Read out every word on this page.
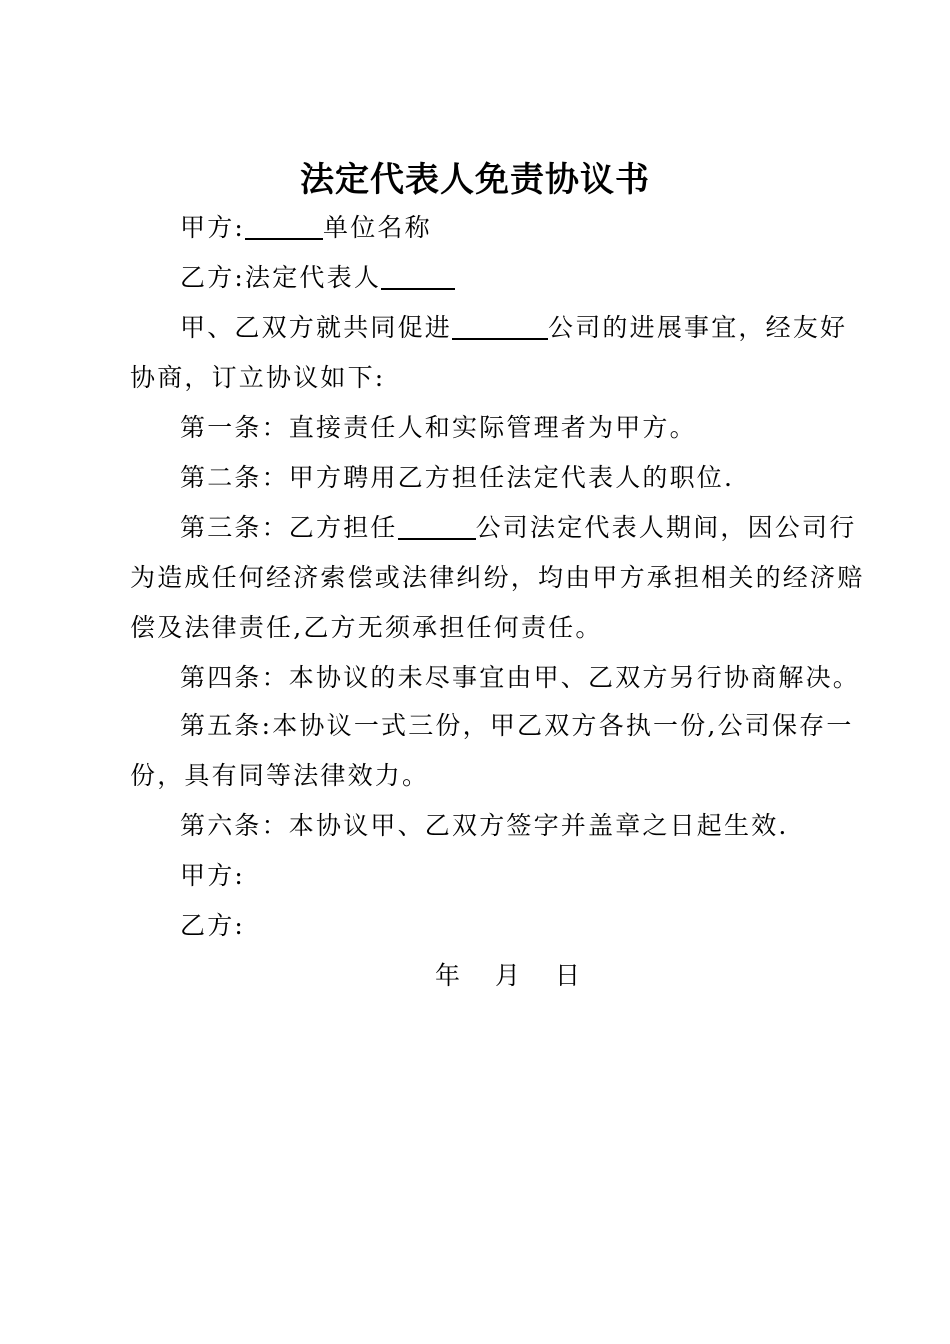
法定代表人免责协议书
甲方:	单位名称
乙方:法定代表人
甲、乙双方就共同促进	公司的进展事宜，经友好
协商，订立协议如下:
第一条：直接责任人和实际管理者为甲方。
第二条：甲方聘用乙方担任法定代表人的职位.
第三条：乙方担任	公司法定代表人期间，因公司行
为造成任何经济索偿或法律纠纷，均由甲方承担相关的经济赔
偿及法律责任,乙方无须承担任何责任。
第四条：本协议的未尽事宜由甲、乙双方另行协商解决。
第五条:本协议一式三份，甲乙双方各执一份,公司保存一
份，具有同等法律效力。
第六条：本协议甲、乙双方签字并盖章之日起生效.
甲方:
乙方:
年 月 日
